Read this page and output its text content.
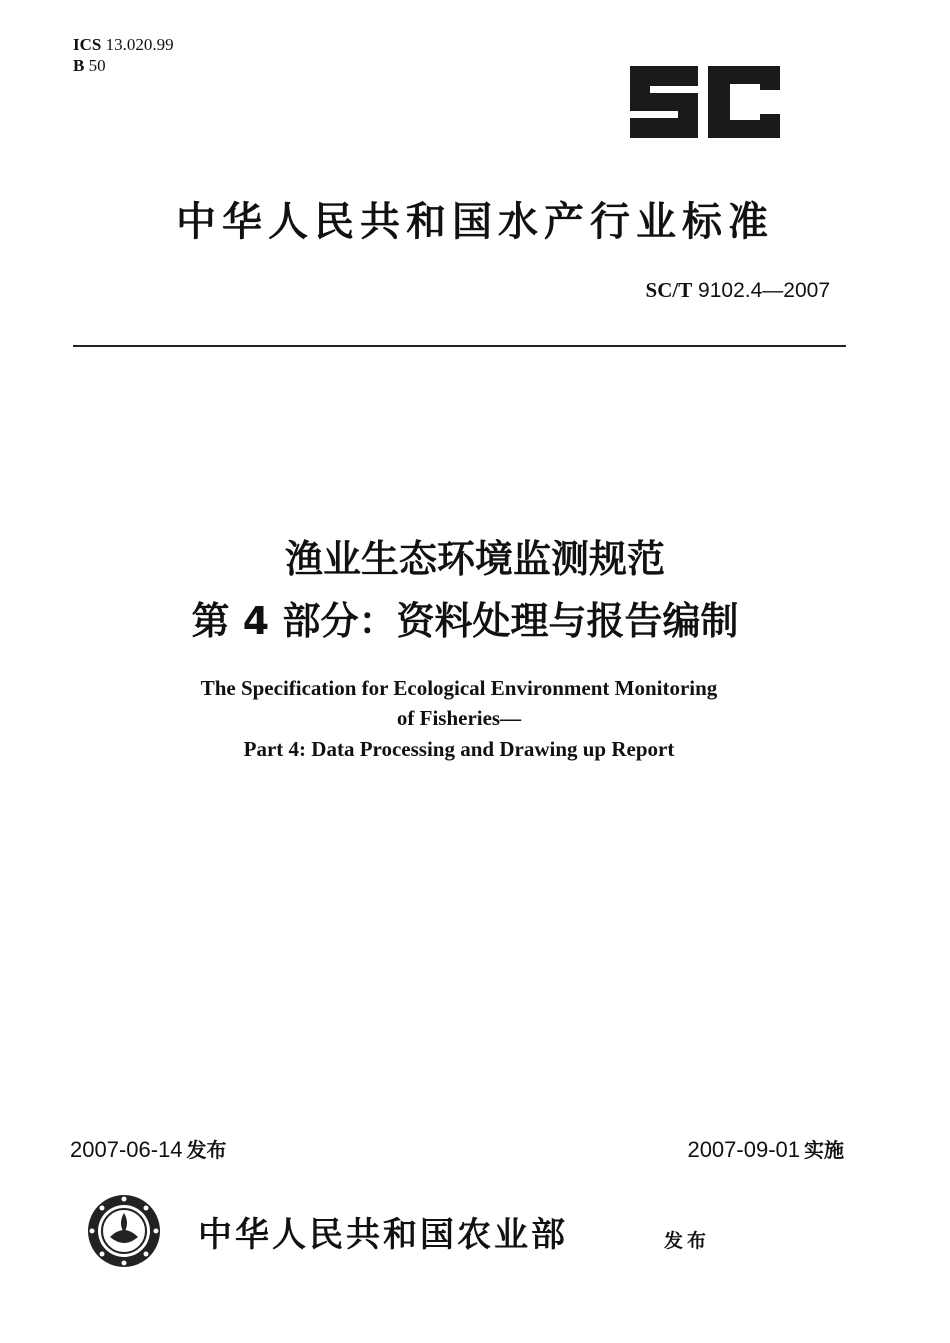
ICS 13.020.99
B 50
中华人民共和国水产行业标准
SC/T 9102.4—2007
渔业生态环境监测规范
第 4 部分：资料处理与报告编制
The Specification for Ecological Environment Monitoring
of Fisheries—
Part 4: Data Processing and Drawing up Report
2007-06-14 发布	2007-09-01 实施
中华人民共和国农业部	发布
